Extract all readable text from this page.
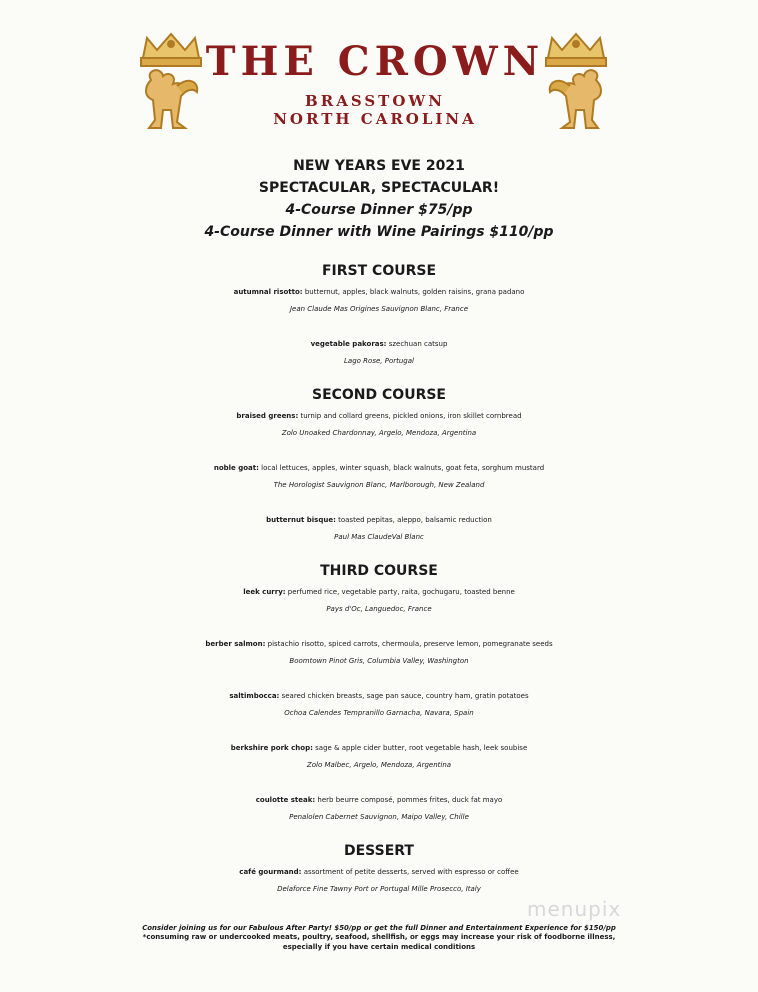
THE CROWN
BRASSTOWN
NORTH CAROLINA
NEW YEARS EVE 2021
SPECTACULAR, SPECTACULAR!
4-Course Dinner $75/pp
4-Course Dinner with Wine Pairings $110/pp
FIRST COURSE
autumnal risotto: butternut, apples, black walnuts, golden raisins, grana padano
Jean Claude Mas Origines Sauvignon Blanc, France
vegetable pakoras: szechuan catsup
Lago Rose, Portugal
SECOND COURSE
braised greens: turnip and collard greens, pickled onions, iron skillet cornbread
Zolo Unoaked Chardonnay, Argelo, Mendoza, Argentina
noble goat: local lettuces, apples, winter squash, black walnuts, goat feta, sorghum mustard
The Horologist Sauvignon Blanc, Marlborough, New Zealand
butternut bisque: toasted pepitas, aleppo, balsamic reduction
Paul Mas ClaudeVal Blanc
THIRD COURSE
leek curry: perfumed rice, vegetable party, raita, gochugaru, toasted benne
Pays d'Oc, Languedoc, France
berber salmon: pistachio risotto, spiced carrots, chermoula, preserve lemon, pomegranate seeds
Boomtown Pinot Gris, Columbia Valley, Washington
saltimbocca: seared chicken breasts, sage pan sauce, country ham, gratin potatoes
Ochoa Calendes Tempranillo Garnacha, Navara, Spain
berkshire pork chop: sage & apple cider butter, root vegetable hash, leek soubise
Zolo Malbec, Argelo, Mendoza, Argentina
coulotte steak: herb beurre composé, pommes frites, duck fat mayo
Penalolen Cabernet Sauvignon, Maipo Valley, Chille
DESSERT
café gourmand: assortment of petite desserts, served with espresso or coffee
Delaforce Fine Tawny Port or Portugal Mille Prosecco, Italy
menupix
Consider joining us for our Fabulous After Party! $50/pp or get the full Dinner and Entertainment Experience for $150/pp
*consuming raw or undercooked meats, poultry, seafood, shellfish, or eggs may increase your risk of foodborne illness,
especially if you have certain medical conditions
